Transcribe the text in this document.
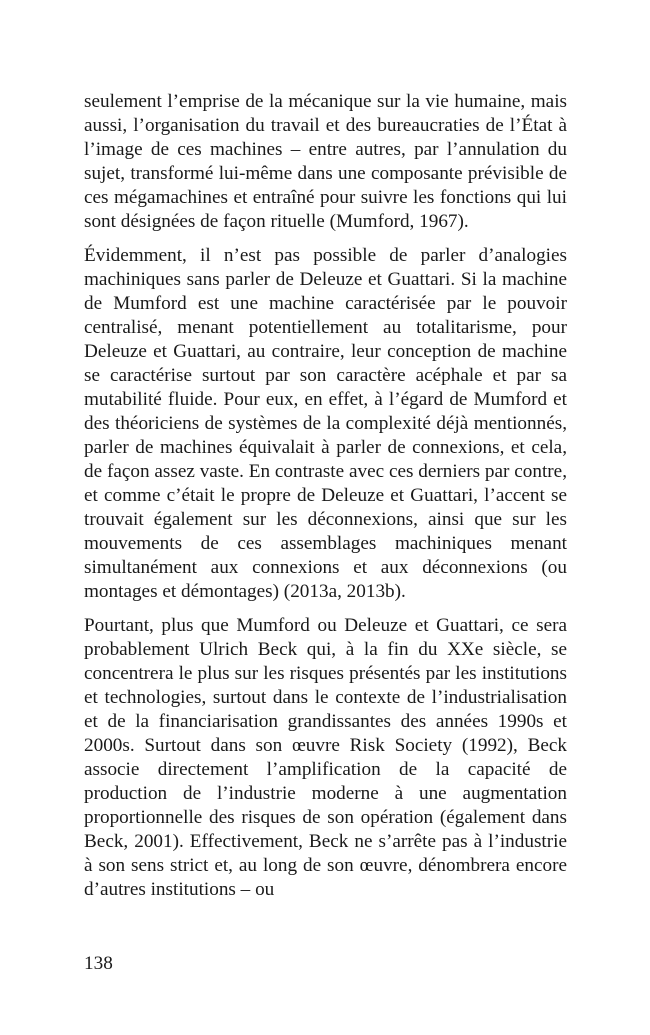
seulement l’emprise de la mécanique sur la vie humaine, mais aussi, l’organisation du travail et des bureaucraties de l’État à l’image de ces machines – entre autres, par l’annulation du sujet, transformé lui-même dans une composante prévisible de ces mégamachines et entraîné pour suivre les fonctions qui lui sont désignées de façon rituelle (Mumford, 1967).

Évidemment, il n’est pas possible de parler d’analogies machiniques sans parler de Deleuze et Guattari. Si la machine de Mumford est une machine caractérisée par le pouvoir centralisé, menant potentiellement au totalitarisme, pour Deleuze et Guattari, au contraire, leur conception de machine se caractérise surtout par son caractère acéphale et par sa mutabilité fluide. Pour eux, en effet, à l’égard de Mumford et des théoriciens de systèmes de la complexité déjà mentionnés, parler de machines équivalait à parler de connexions, et cela, de façon assez vaste. En contraste avec ces derniers par contre, et comme c’était le propre de Deleuze et Guattari, l’accent se trouvait également sur les déconnexions, ainsi que sur les mouvements de ces assemblages machiniques menant simultanément aux connexions et aux déconnexions (ou montages et démontages) (2013a, 2013b).

Pourtant, plus que Mumford ou Deleuze et Guattari, ce sera probablement Ulrich Beck qui, à la fin du XXe siècle, se concentrera le plus sur les risques présentés par les institutions et technologies, surtout dans le contexte de l’industrialisation et de la financiarisation grandissantes des années 1990s et 2000s. Surtout dans son œuvre Risk Society (1992), Beck associe directement l’amplification de la capacité de production de l’industrie moderne à une augmentation proportionnelle des risques de son opération (également dans Beck, 2001). Effectivement, Beck ne s’arrête pas à l’industrie à son sens strict et, au long de son œuvre, dénombrera encore d’autres institutions – ou

138
